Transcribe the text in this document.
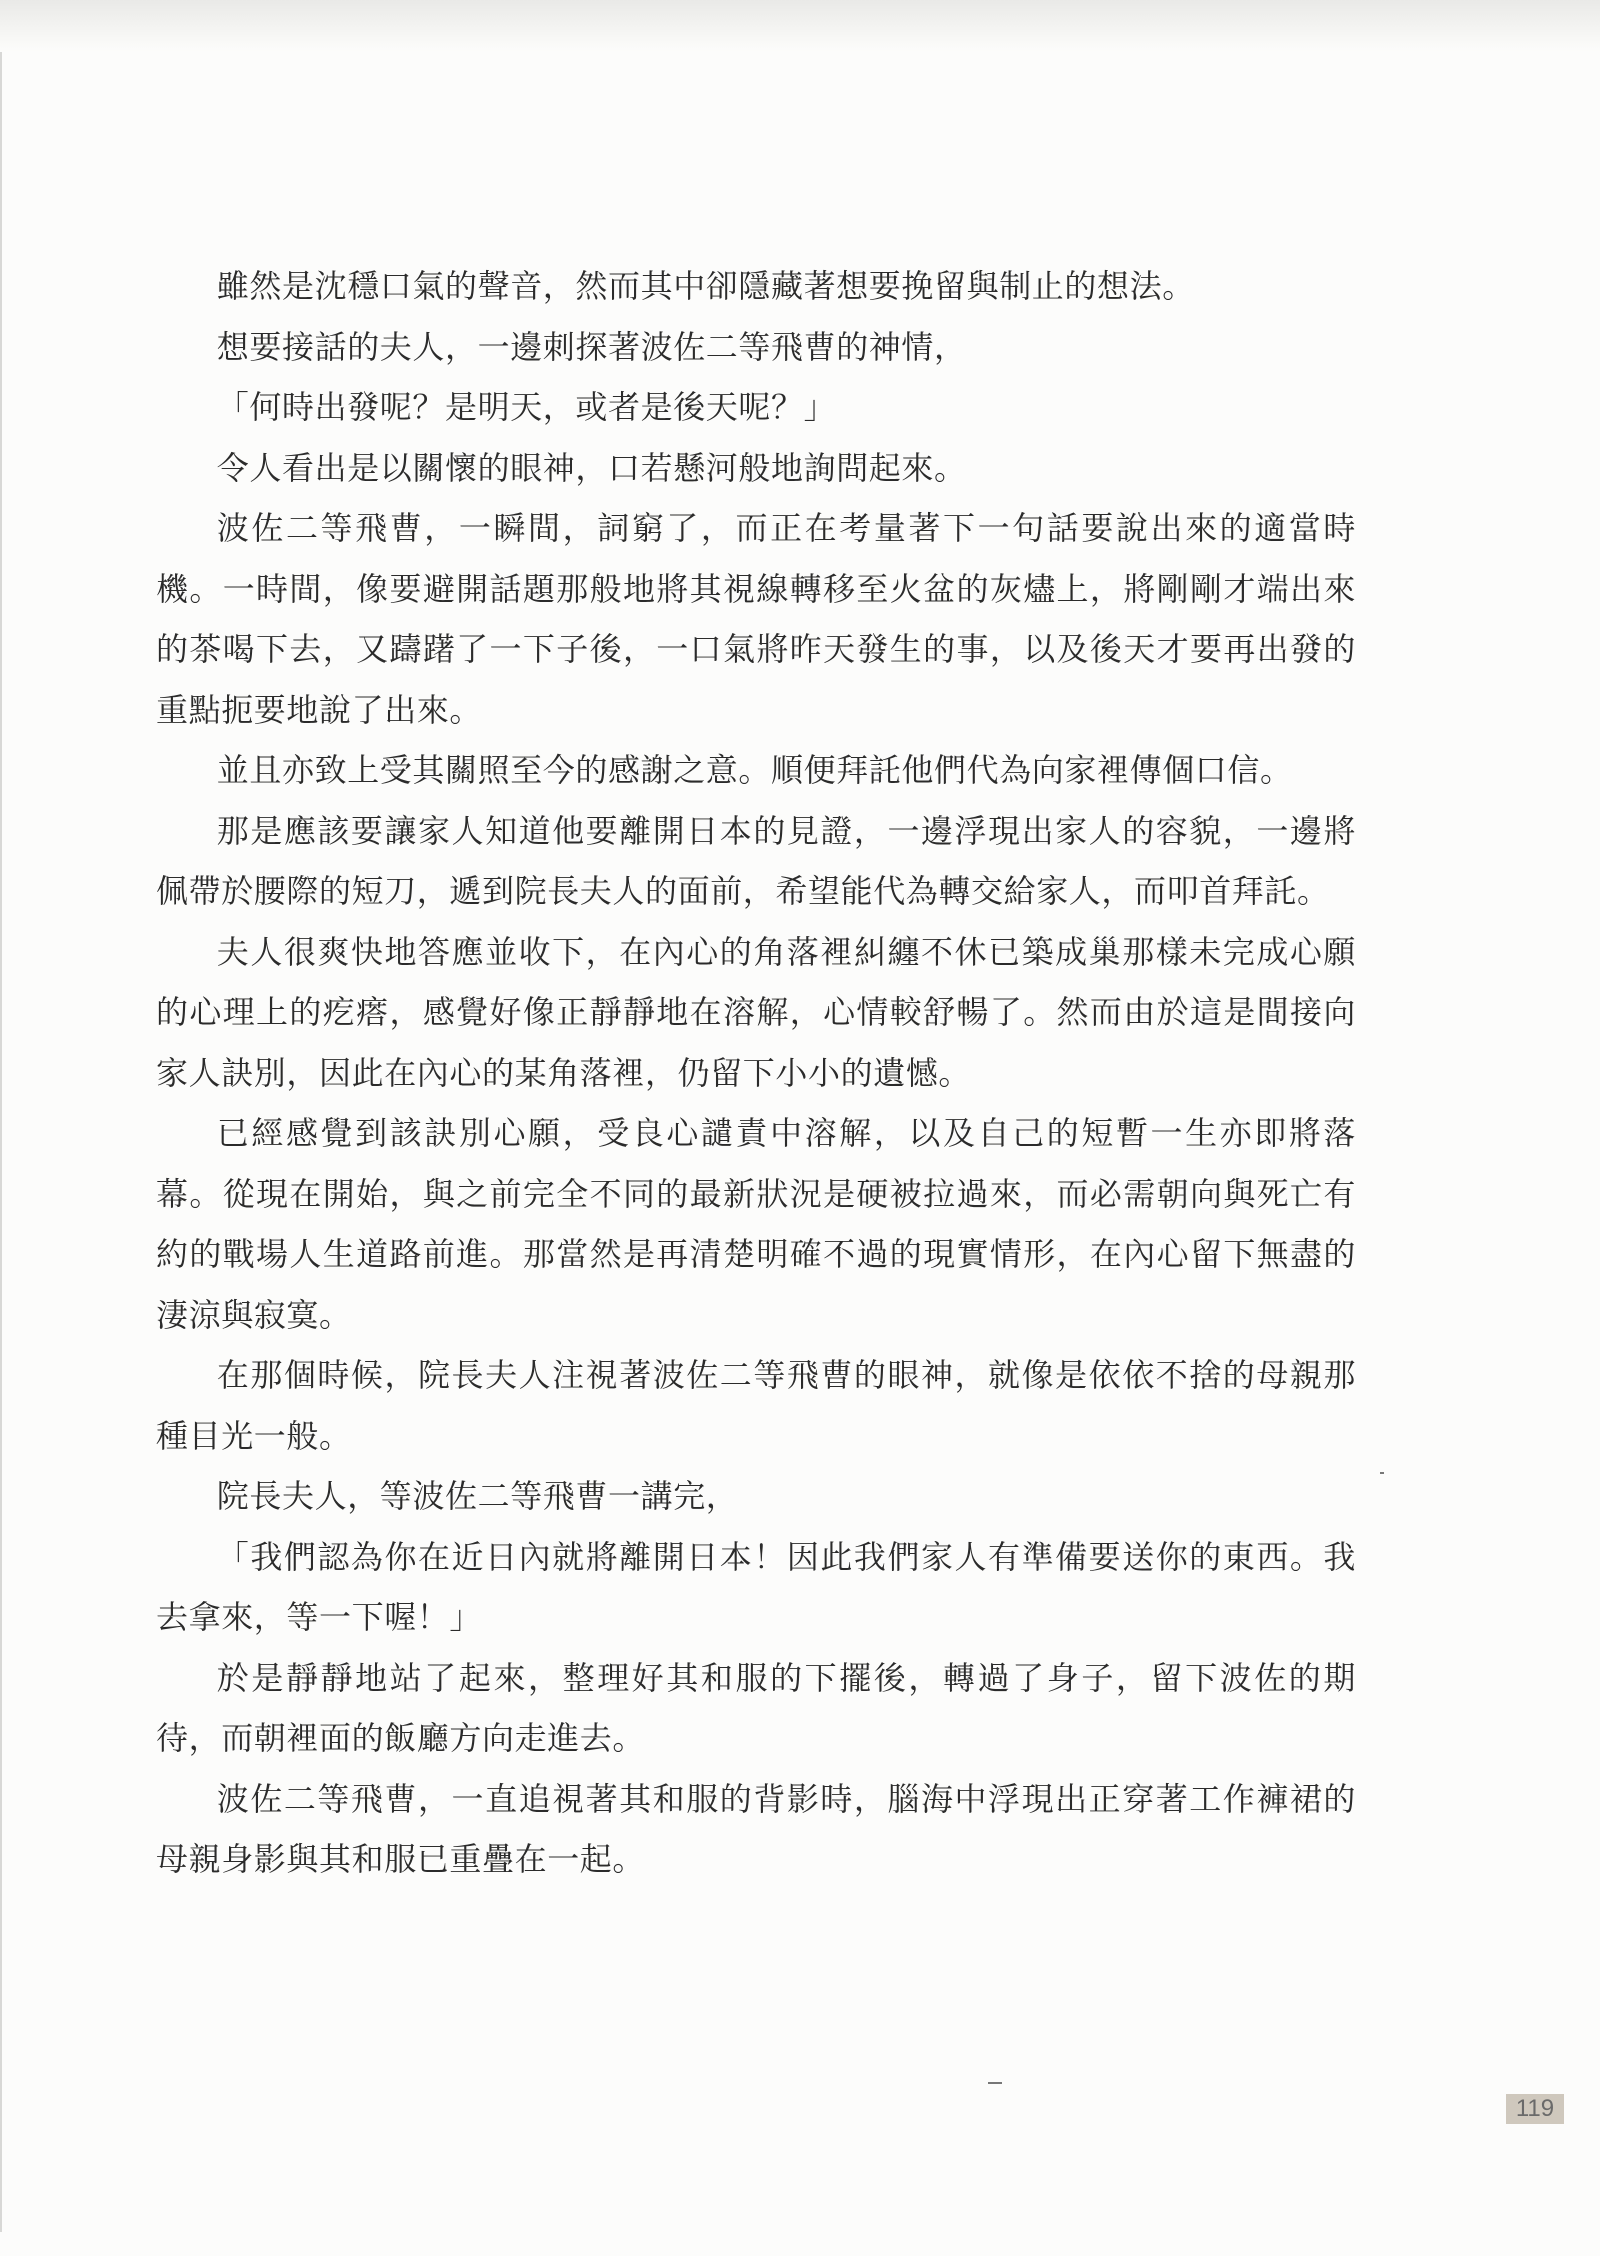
雖然是沈穩口氣的聲音，然而其中卻隱藏著想要挽留與制止的想法。

想要接話的夫人，一邊刺探著波佐二等飛曹的神情，

「何時出發呢？是明天，或者是後天呢？」

令人看出是以關懷的眼神，口若懸河般地詢問起來。

波佐二等飛曹，一瞬間，詞窮了，而正在考量著下一句話要說出來的適當時機。一時間，像要避開話題那般地將其視線轉移至火盆的灰燼上，將剛剛才端出來的茶喝下去，又躊躇了一下子後，一口氣將昨天發生的事，以及後天才要再出發的重點扼要地說了出來。

並且亦致上受其關照至今的感謝之意。順便拜託他們代為向家裡傳個口信。

那是應該要讓家人知道他要離開日本的見證，一邊浮現出家人的容貌，一邊將佩帶於腰際的短刀，遞到院長夫人的面前，希望能代為轉交給家人，而叩首拜託。

夫人很爽快地答應並收下，在內心的角落裡糾纏不休已築成巢那樣未完成心願的心理上的疙瘩，感覺好像正靜靜地在溶解，心情較舒暢了。然而由於這是間接向家人訣別，因此在內心的某角落裡，仍留下小小的遺憾。

已經感覺到該訣別心願，受良心譴責中溶解，以及自己的短暫一生亦即將落幕。從現在開始，與之前完全不同的最新狀況是硬被拉過來，而必需朝向與死亡有約的戰場人生道路前進。那當然是再清楚明確不過的現實情形，在內心留下無盡的淒涼與寂寞。

在那個時候，院長夫人注視著波佐二等飛曹的眼神，就像是依依不捨的母親那種目光一般。

院長夫人，等波佐二等飛曹一講完，

「我們認為你在近日內就將離開日本！因此我們家人有準備要送你的東西。我去拿來，等一下喔！」

於是靜靜地站了起來，整理好其和服的下擺後，轉過了身子，留下波佐的期待，而朝裡面的飯廳方向走進去。

波佐二等飛曹，一直追視著其和服的背影時，腦海中浮現出正穿著工作褲裙的母親身影與其和服已重疊在一起。

119
